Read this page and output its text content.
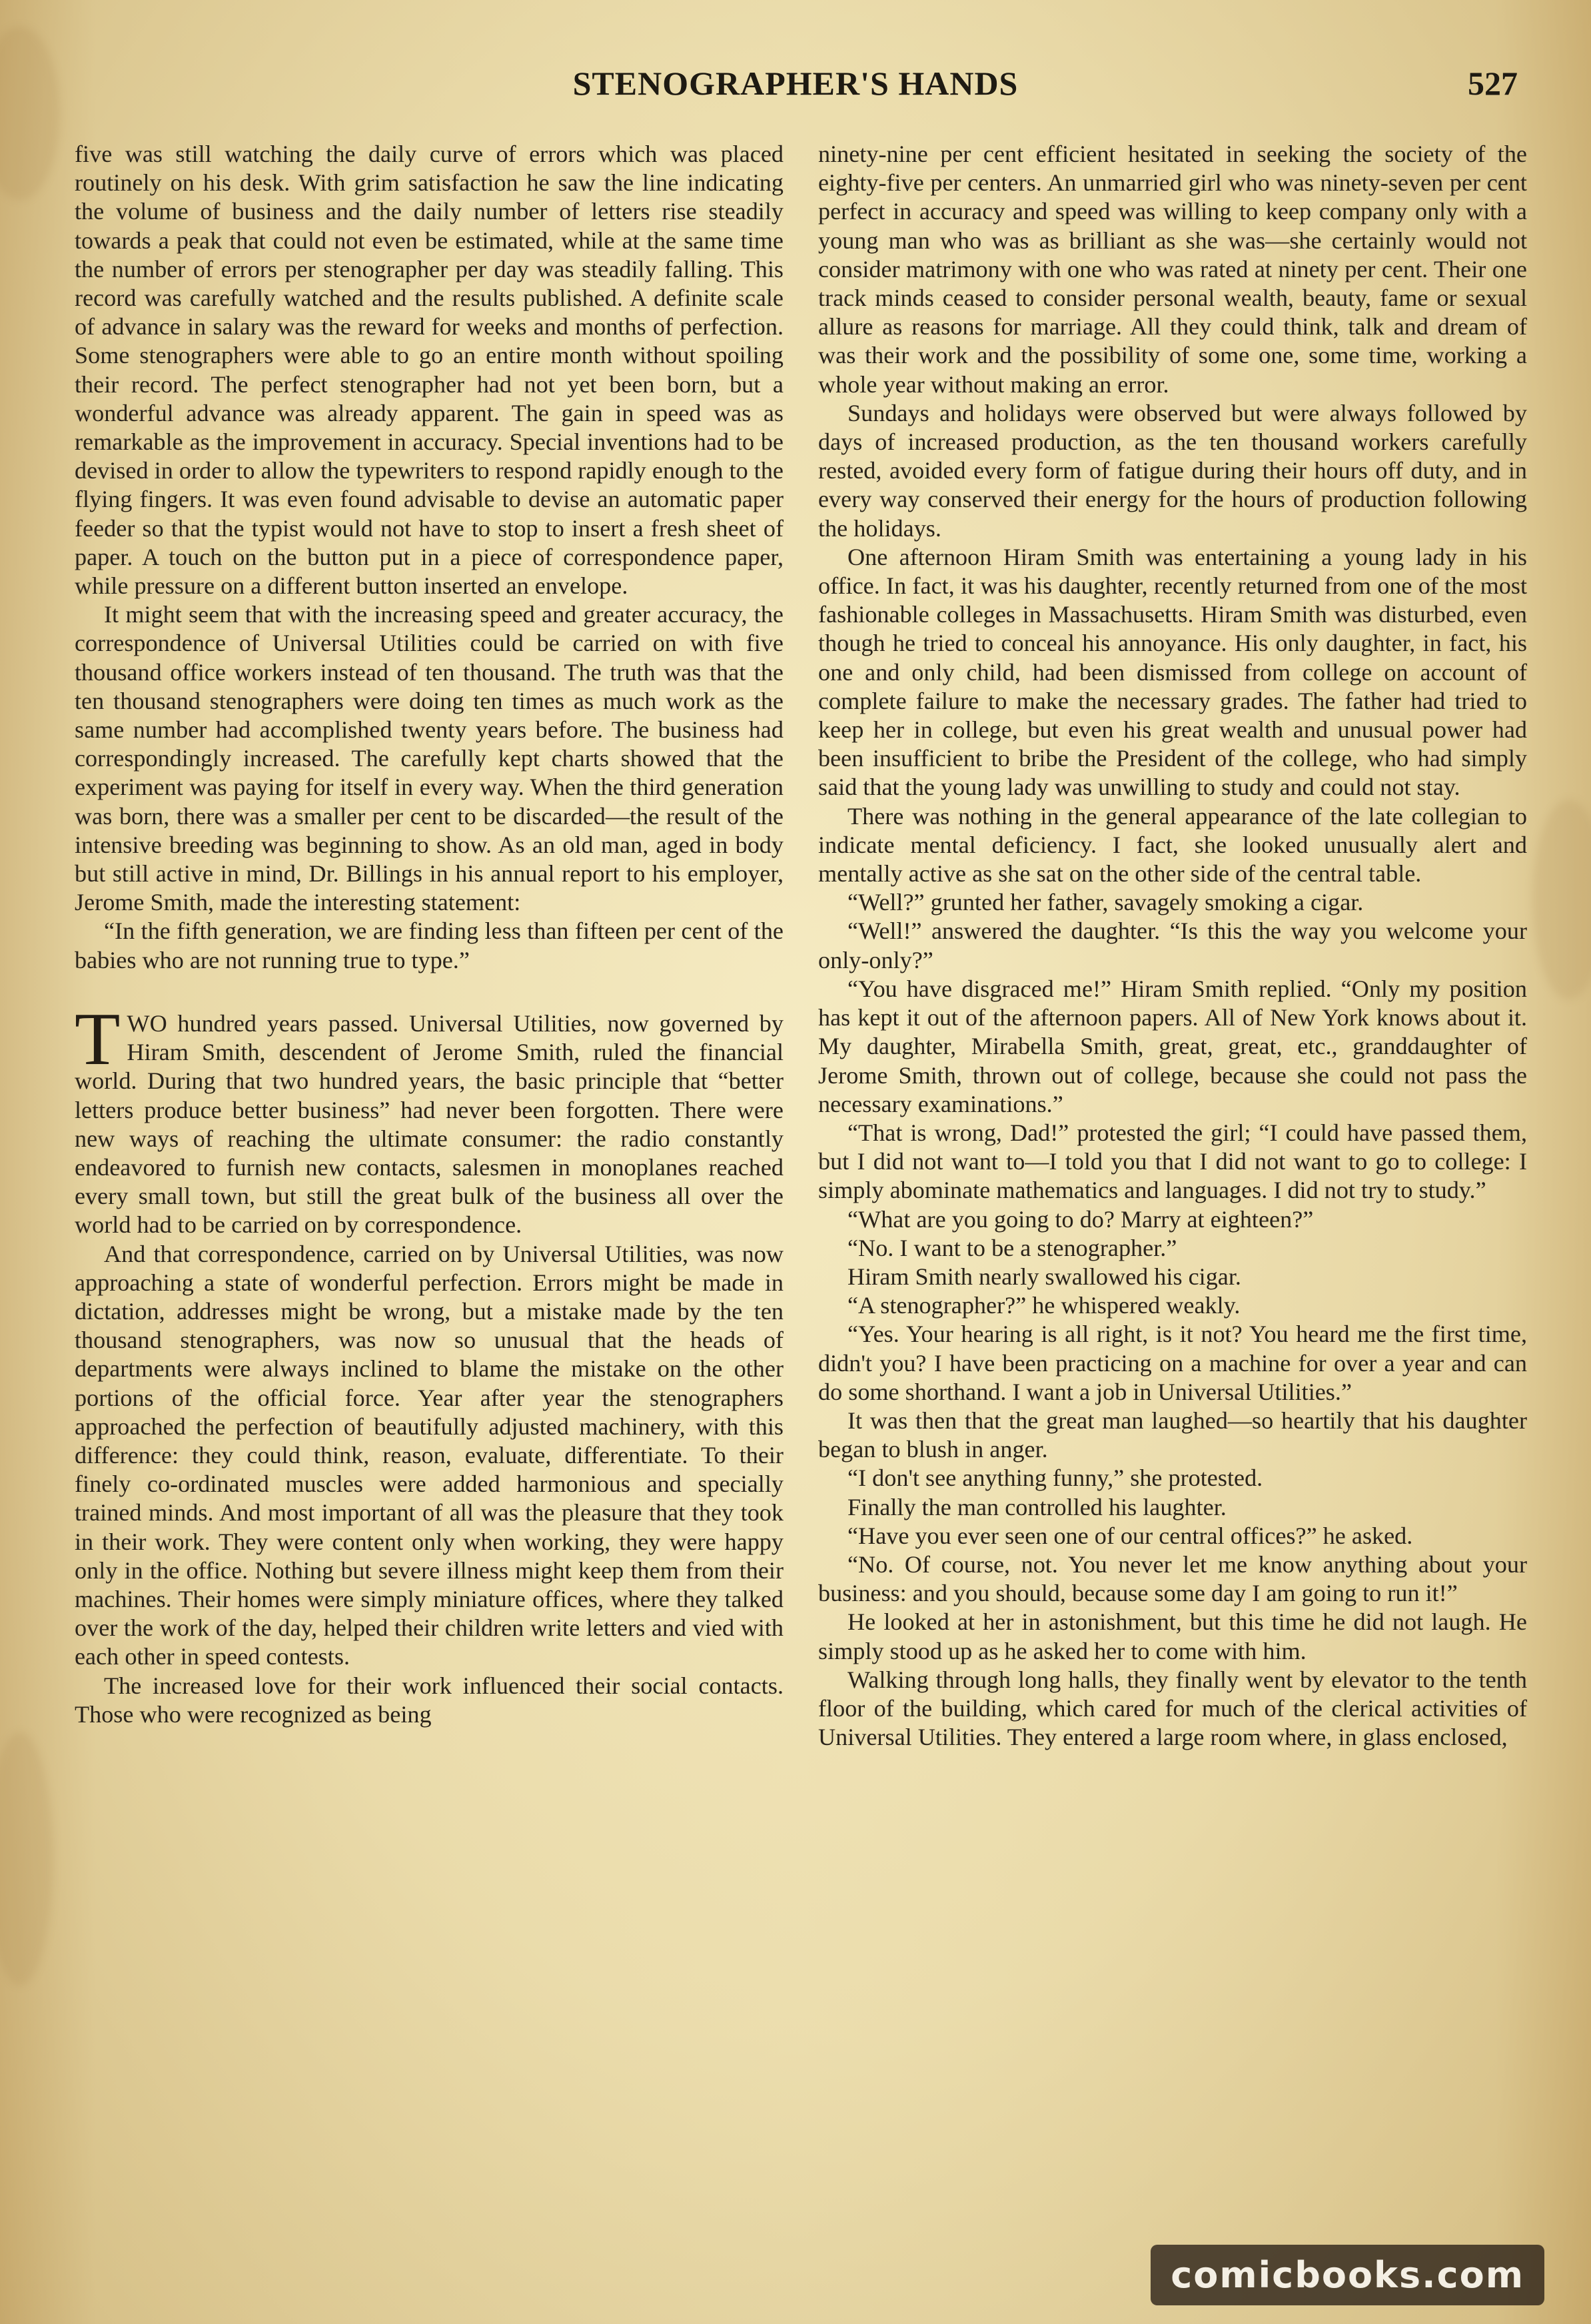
STENOGRAPHER'S HANDS	527

five was still watching the daily curve of errors which was placed routinely on his desk. With grim satisfaction he saw the line indicating the volume of business and the daily number of letters rise steadily towards a peak that could not even be estimated, while at the same time the number of errors per stenographer per day was steadily falling. This record was carefully watched and the results published. A definite scale of advance in salary was the reward for weeks and months of perfection. Some stenographers were able to go an entire month without spoiling their record. The perfect stenographer had not yet been born, but a wonderful advance was already apparent. The gain in speed was as remarkable as the improvement in accuracy. Special inventions had to be devised in order to allow the typewriters to respond rapidly enough to the flying fingers. It was even found advisable to devise an automatic paper feeder so that the typist would not have to stop to insert a fresh sheet of paper. A touch on the button put in a piece of correspondence paper, while pressure on a different button inserted an envelope.

It might seem that with the increasing speed and greater accuracy, the correspondence of Universal Utilities could be carried on with five thousand office workers instead of ten thousand. The truth was that the ten thousand stenographers were doing ten times as much work as the same number had accomplished twenty years before. The business had correspondingly increased. The carefully kept charts showed that the experiment was paying for itself in every way. When the third generation was born, there was a smaller per cent to be discarded—the result of the intensive breeding was beginning to show. As an old man, aged in body but still active in mind, Dr. Billings in his annual report to his employer, Jerome Smith, made the interesting statement:

“In the fifth generation, we are finding less than fifteen per cent of the babies who are not running true to type.”

TWO hundred years passed. Universal Utilities, now governed by Hiram Smith, descendent of Jerome Smith, ruled the financial world. During that two hundred years, the basic principle that “better letters produce better business” had never been forgotten. There were new ways of reaching the ultimate consumer: the radio constantly endeavored to furnish new contacts, salesmen in monoplanes reached every small town, but still the great bulk of the business all over the world had to be carried on by correspondence.

And that correspondence, carried on by Universal Utilities, was now approaching a state of wonderful perfection. Errors might be made in dictation, addresses might be wrong, but a mistake made by the ten thousand stenographers, was now so unusual that the heads of departments were always inclined to blame the mistake on the other portions of the official force. Year after year the stenographers approached the perfection of beautifully adjusted machinery, with this difference: they could think, reason, evaluate, differentiate. To their finely co-ordinated muscles were added harmonious and specially trained minds. And most important of all was the pleasure that they took in their work. They were content only when working, they were happy only in the office. Nothing but severe illness might keep them from their machines. Their homes were simply miniature offices, where they talked over the work of the day, helped their children write letters and vied with each other in speed contests.

The increased love for their work influenced their social contacts. Those who were recognized as being

ninety-nine per cent efficient hesitated in seeking the society of the eighty-five per centers. An unmarried girl who was ninety-seven per cent perfect in accuracy and speed was willing to keep company only with a young man who was as brilliant as she was—she certainly would not consider matrimony with one who was rated at ninety per cent. Their one track minds ceased to consider personal wealth, beauty, fame or sexual allure as reasons for marriage. All they could think, talk and dream of was their work and the possibility of some one, some time, working a whole year without making an error.

Sundays and holidays were observed but were always followed by days of increased production, as the ten thousand workers carefully rested, avoided every form of fatigue during their hours off duty, and in every way conserved their energy for the hours of production following the holidays.

One afternoon Hiram Smith was entertaining a young lady in his office. In fact, it was his daughter, recently returned from one of the most fashionable colleges in Massachusetts. Hiram Smith was disturbed, even though he tried to conceal his annoyance. His only daughter, in fact, his one and only child, had been dismissed from college on account of complete failure to make the necessary grades. The father had tried to keep her in college, but even his great wealth and unusual power had been insufficient to bribe the President of the college, who had simply said that the young lady was unwilling to study and could not stay.

There was nothing in the general appearance of the late collegian to indicate mental deficiency. I fact, she looked unusually alert and mentally active as she sat on the other side of the central table.

“Well?” grunted her father, savagely smoking a cigar.

“Well!” answered the daughter. “Is this the way you welcome your only-only?”

“You have disgraced me!” Hiram Smith replied. “Only my position has kept it out of the afternoon papers. All of New York knows about it. My daughter, Mirabella Smith, great, great, etc., granddaughter of Jerome Smith, thrown out of college, because she could not pass the necessary examinations.”

“That is wrong, Dad!” protested the girl; “I could have passed them, but I did not want to—I told you that I did not want to go to college: I simply abominate mathematics and languages. I did not try to study.”

“What are you going to do? Marry at eighteen?”

“No. I want to be a stenographer.”

Hiram Smith nearly swallowed his cigar.

“A stenographer?” he whispered weakly.

“Yes. Your hearing is all right, is it not? You heard me the first time, didn't you? I have been practicing on a machine for over a year and can do some shorthand. I want a job in Universal Utilities.”

It was then that the great man laughed—so heartily that his daughter began to blush in anger.

“I don't see anything funny,” she protested.

Finally the man controlled his laughter.

“Have you ever seen one of our central offices?” he asked.

“No. Of course, not. You never let me know anything about your business: and you should, because some day I am going to run it!”

He looked at her in astonishment, but this time he did not laugh. He simply stood up as he asked her to come with him.

Walking through long halls, they finally went by elevator to the tenth floor of the building, which cared for much of the clerical activities of Universal Utilities. They entered a large room where, in glass enclosed,

comicbooks.com
